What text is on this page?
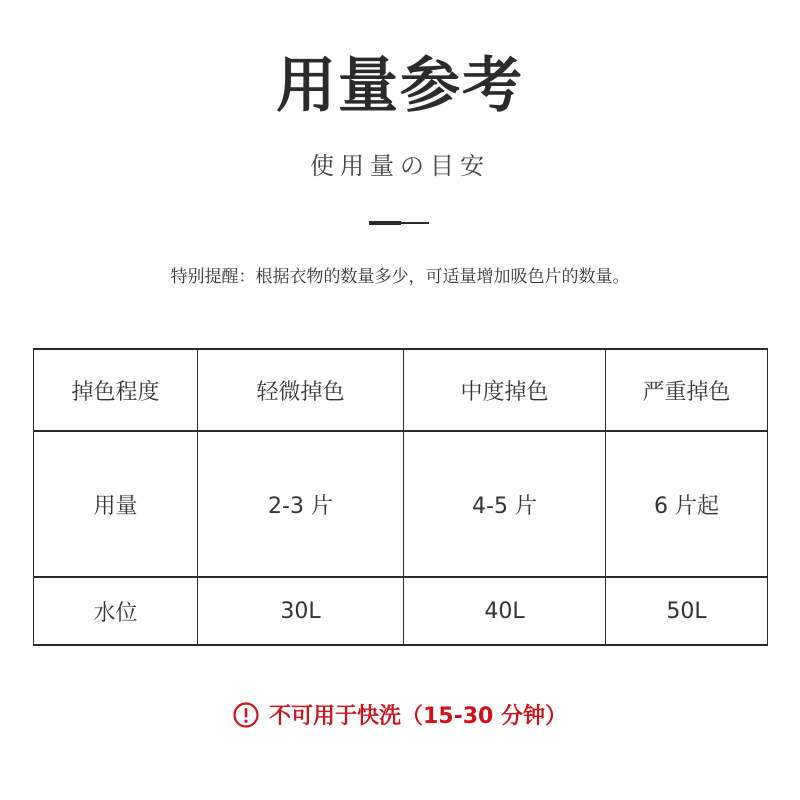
用量参考
使用量の目安
特别提醒：根据衣物的数量多少，可适量增加吸色片的数量。
掉色程度	轻微掉色	中度掉色	严重掉色
用量	2-3 片	4-5 片	6 片起
水位	30L	40L	50L
不可用于快洗（15-30 分钟）
